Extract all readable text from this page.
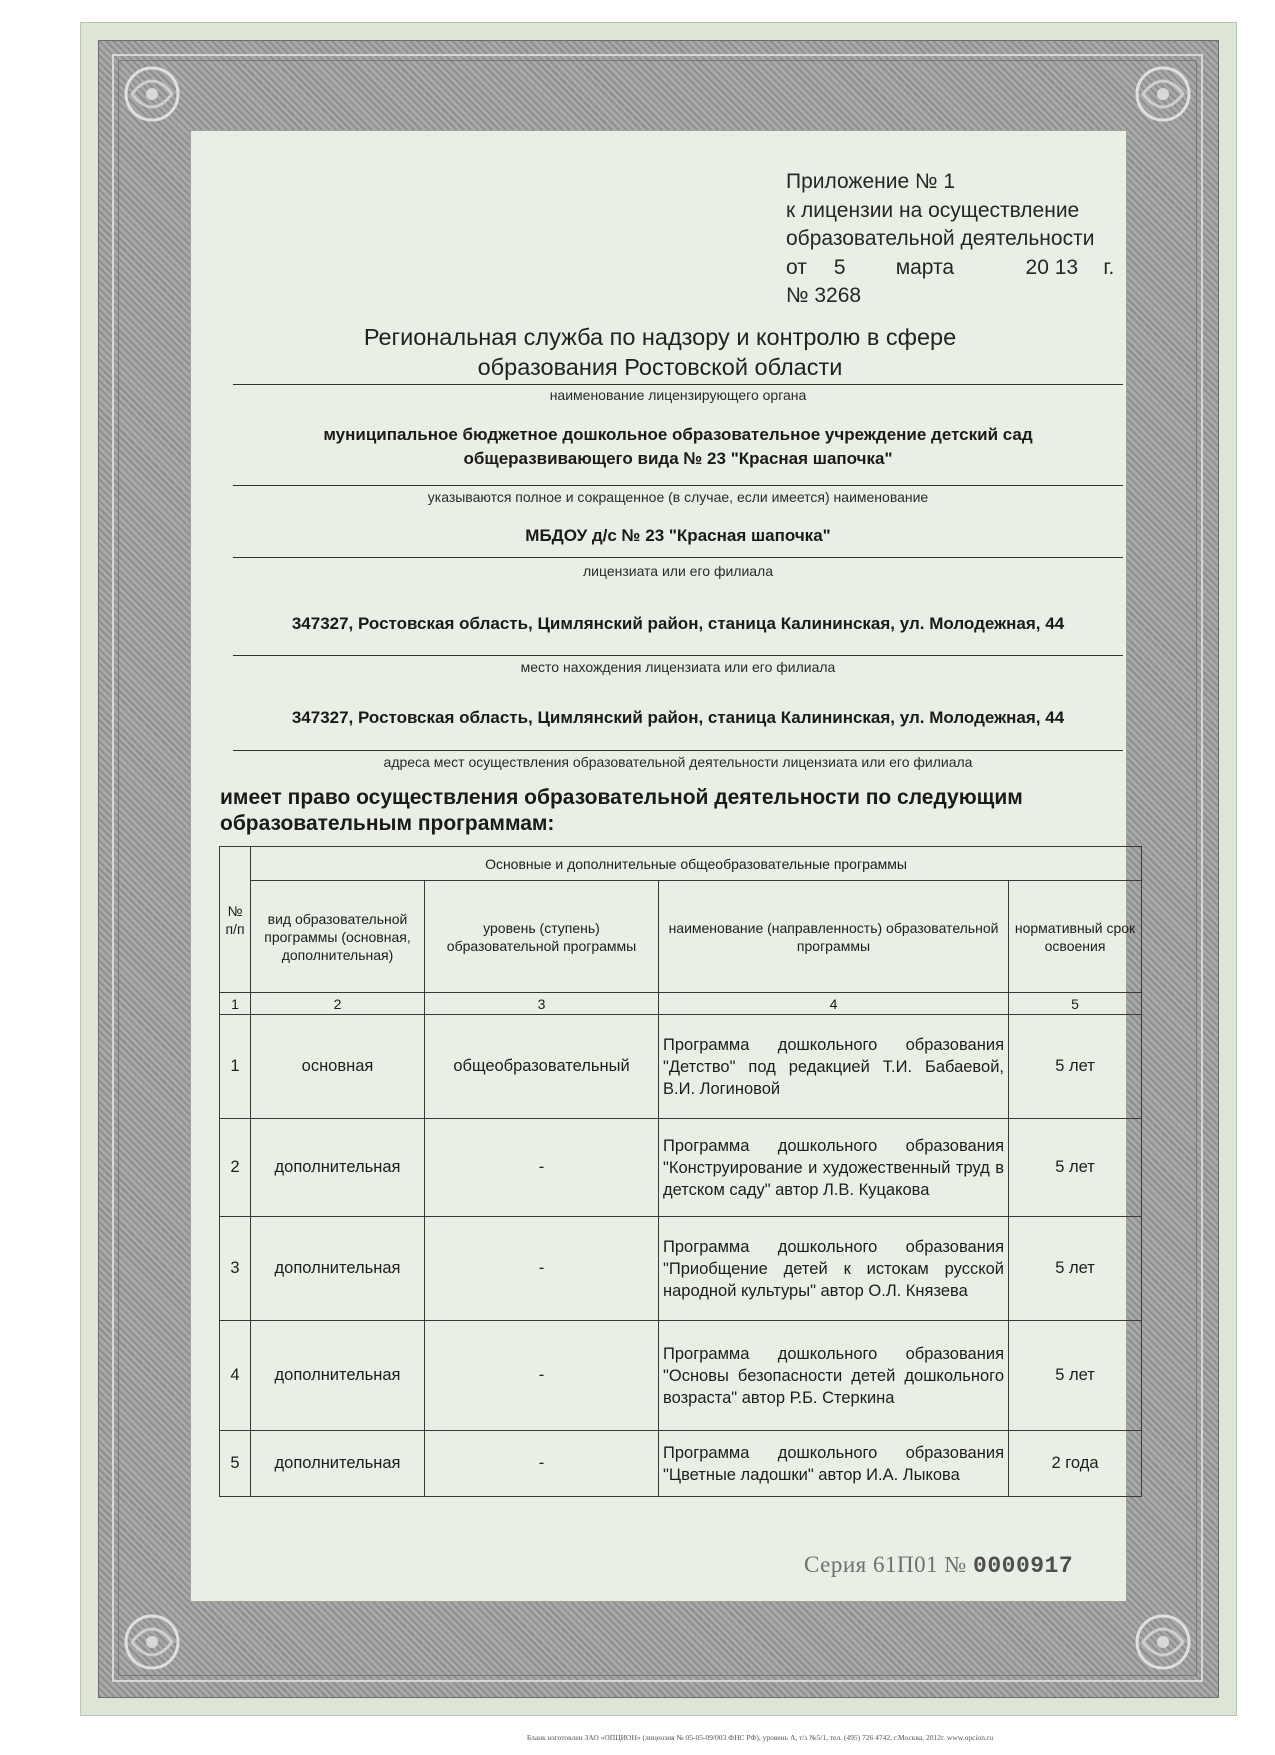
Приложение № 1
к лицензии на осуществление
образовательной деятельности
от 5 марта	20 13 г.
№ 3268
Региональная служба по надзору и контролю в сфере
образования Ростовской области
наименование лицензирующего органа
муниципальное бюджетное дошкольное образовательное учреждение детский сад
общеразвивающего вида № 23 "Красная шапочка"
указываются полное и сокращенное (в случае, если имеется) наименование
МБДОУ д/с № 23 "Красная шапочка"
лицензиата или его филиала
347327, Ростовская область, Цимлянский район, станица Калининская, ул. Молодежная, 44
место нахождения лицензиата или его филиала
347327, Ростовская область, Цимлянский район, станица Калининская, ул. Молодежная, 44
адреса мест осуществления образовательной деятельности лицензиата или его филиала
имеет право осуществления образовательной деятельности по следующим
образовательным программам:
№ п/п	Основные и дополнительные общеобразовательные программы			
	вид образовательной программы (основная, дополнительная)	уровень (ступень) образовательной программы	наименование (направленность) образовательной программы	нормативный срок освоения
1	2	3	4	5
1	основная	общеобразовательный	Программа дошкольного образования "Детство" под редакцией Т.И. Бабаевой, В.И. Логиновой	5 лет
2	дополнительная	-	Программа дошкольного образования "Конструирование и художественный труд в детском саду" автор Л.В. Куцакова	5 лет
3	дополнительная	-	Программа дошкольного образования "Приобщение детей к истокам русской народной культуры" автор О.Л. Князева	5 лет
4	дополнительная	-	Программа дошкольного образования "Основы безопасности детей дошкольного возраста" автор Р.Б. Стеркина	5 лет
5	дополнительная	-	Программа дошкольного образования "Цветные ладошки" автор И.А. Лыкова	2 года
Серия 61П01 № 0000917
Бланк изготовлен ЗАО «ОПЦИОН» (лицензия № 05-05-09/003 ФНС РФ), уровень А, т/з №5/1, тел. (495) 726 4742, г.Москва, 2012г. www.opcion.ru
